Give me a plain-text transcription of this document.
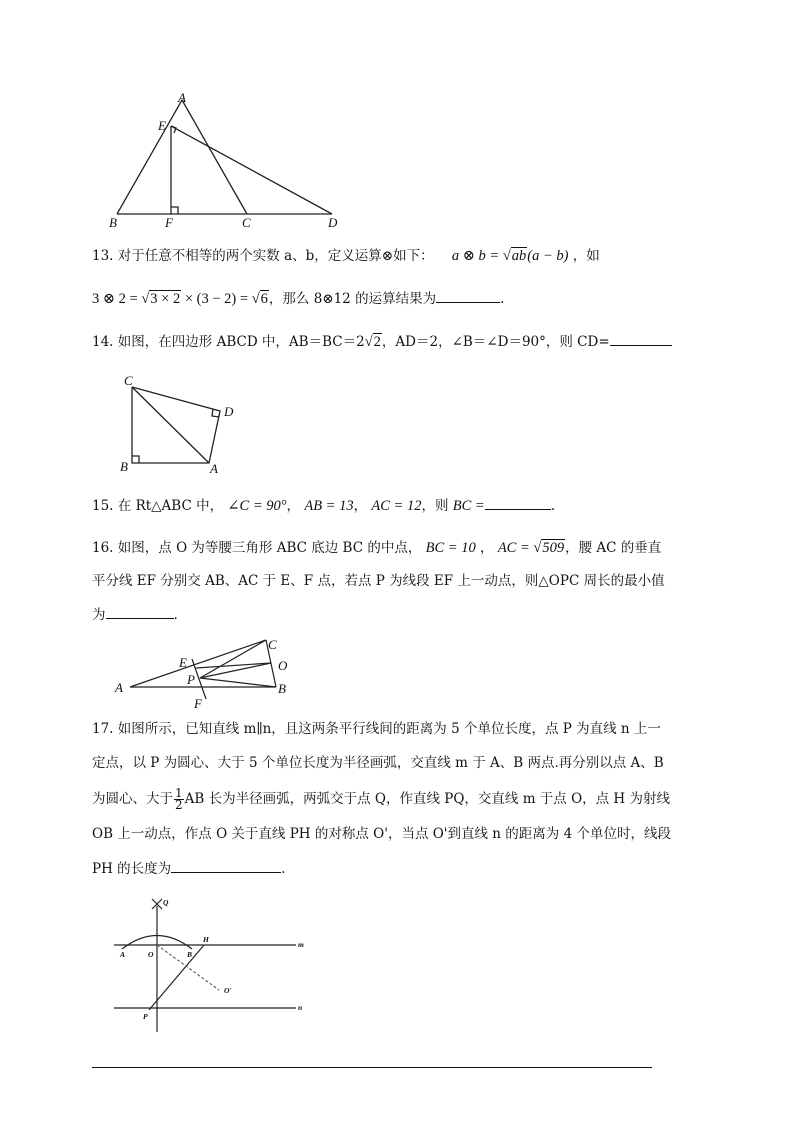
A
E
B	F	C	D
13. 对于任意不相等的两个实数 a、b，定义运算⊗如下： a ⊗ b = √ab(a − b) ，如
3 ⊗ 2 = √3 × 2 × (3 − 2) = √6，那么 8⊗12 的运算结果为	.
14. 如图，在四边形 ABCD 中，AB＝BC＝2√2，AD＝2，∠B＝∠D＝90°，则 CD=
C
D
B	A
15. 在 Rt△ABC 中， ∠C = 90°， AB = 13， AC = 12，则 BC =	.
16. 如图，点 O 为等腰三角形 ABC 底边 BC 的中点， BC = 10 ， AC = √509，腰 AC 的垂直
平分线 EF 分别交 AB、AC 于 E、F 点，若点 P 为线段 EF 上一动点，则△OPC 周长的最小值
为	.
A
E
P
F
C
O
B
17. 如图所示，已知直线 m∥n，且这两条平行线间的距离为 5 个单位长度，点 P 为直线 n 上一
定点，以 P 为圆心、大于 5 个单位长度为半径画弧，交直线 m 于 A、B 两点.再分别以点 A、B
为圆心、大于 $\frac{1}{2}$ AB 长为半径画弧，两弧交于点 Q，作直线 PQ，交直线 m 于点 O，点 H 为射线
OB 上一动点，作点 O 关于直线 PH 的对称点 O'，当点 O'到直线 n 的距离为 4 个单位时，线段
PH 的长度为	.
Q
m
A	O	B
H
O'
P
n
